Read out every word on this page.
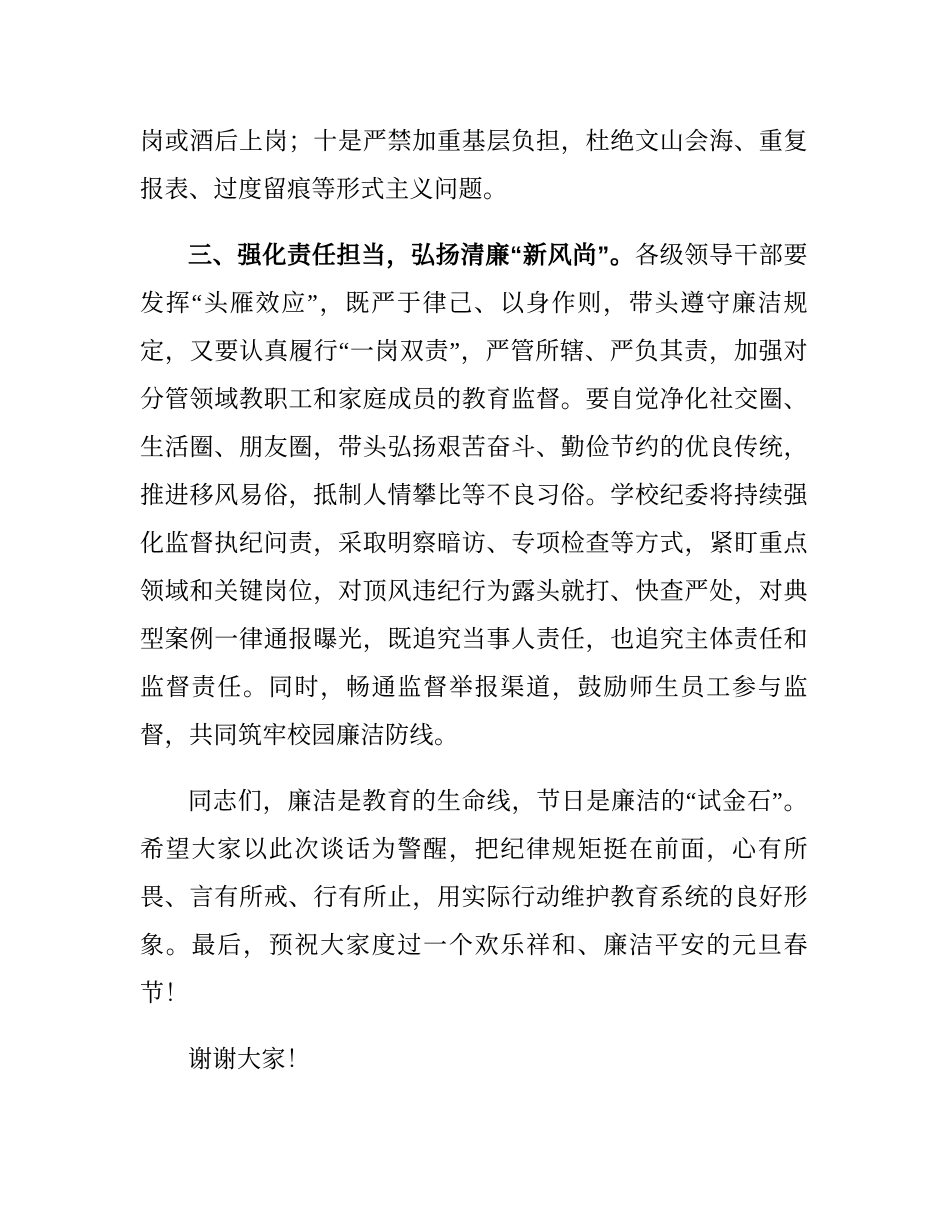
岗或酒后上岗；十是严禁加重基层负担，杜绝文山会海、重复报表、过度留痕等形式主义问题。

三、强化责任担当，弘扬清廉“新风尚”。各级领导干部要发挥“头雁效应”，既严于律己、以身作则，带头遵守廉洁规定，又要认真履行“一岗双责”，严管所辖、严负其责，加强对分管领域教职工和家庭成员的教育监督。要自觉净化社交圈、生活圈、朋友圈，带头弘扬艰苦奋斗、勤俭节约的优良传统，推进移风易俗，抵制人情攀比等不良习俗。学校纪委将持续强化监督执纪问责，采取明察暗访、专项检查等方式，紧盯重点领域和关键岗位，对顶风违纪行为露头就打、快查严处，对典型案例一律通报曝光，既追究当事人责任，也追究主体责任和监督责任。同时，畅通监督举报渠道，鼓励师生员工参与监督，共同筑牢校园廉洁防线。

同志们，廉洁是教育的生命线，节日是廉洁的“试金石”。希望大家以此次谈话为警醒，把纪律规矩挺在前面，心有所畏、言有所戒、行有所止，用实际行动维护教育系统的良好形象。最后，预祝大家度过一个欢乐祥和、廉洁平安的元旦春节！

谢谢大家！
